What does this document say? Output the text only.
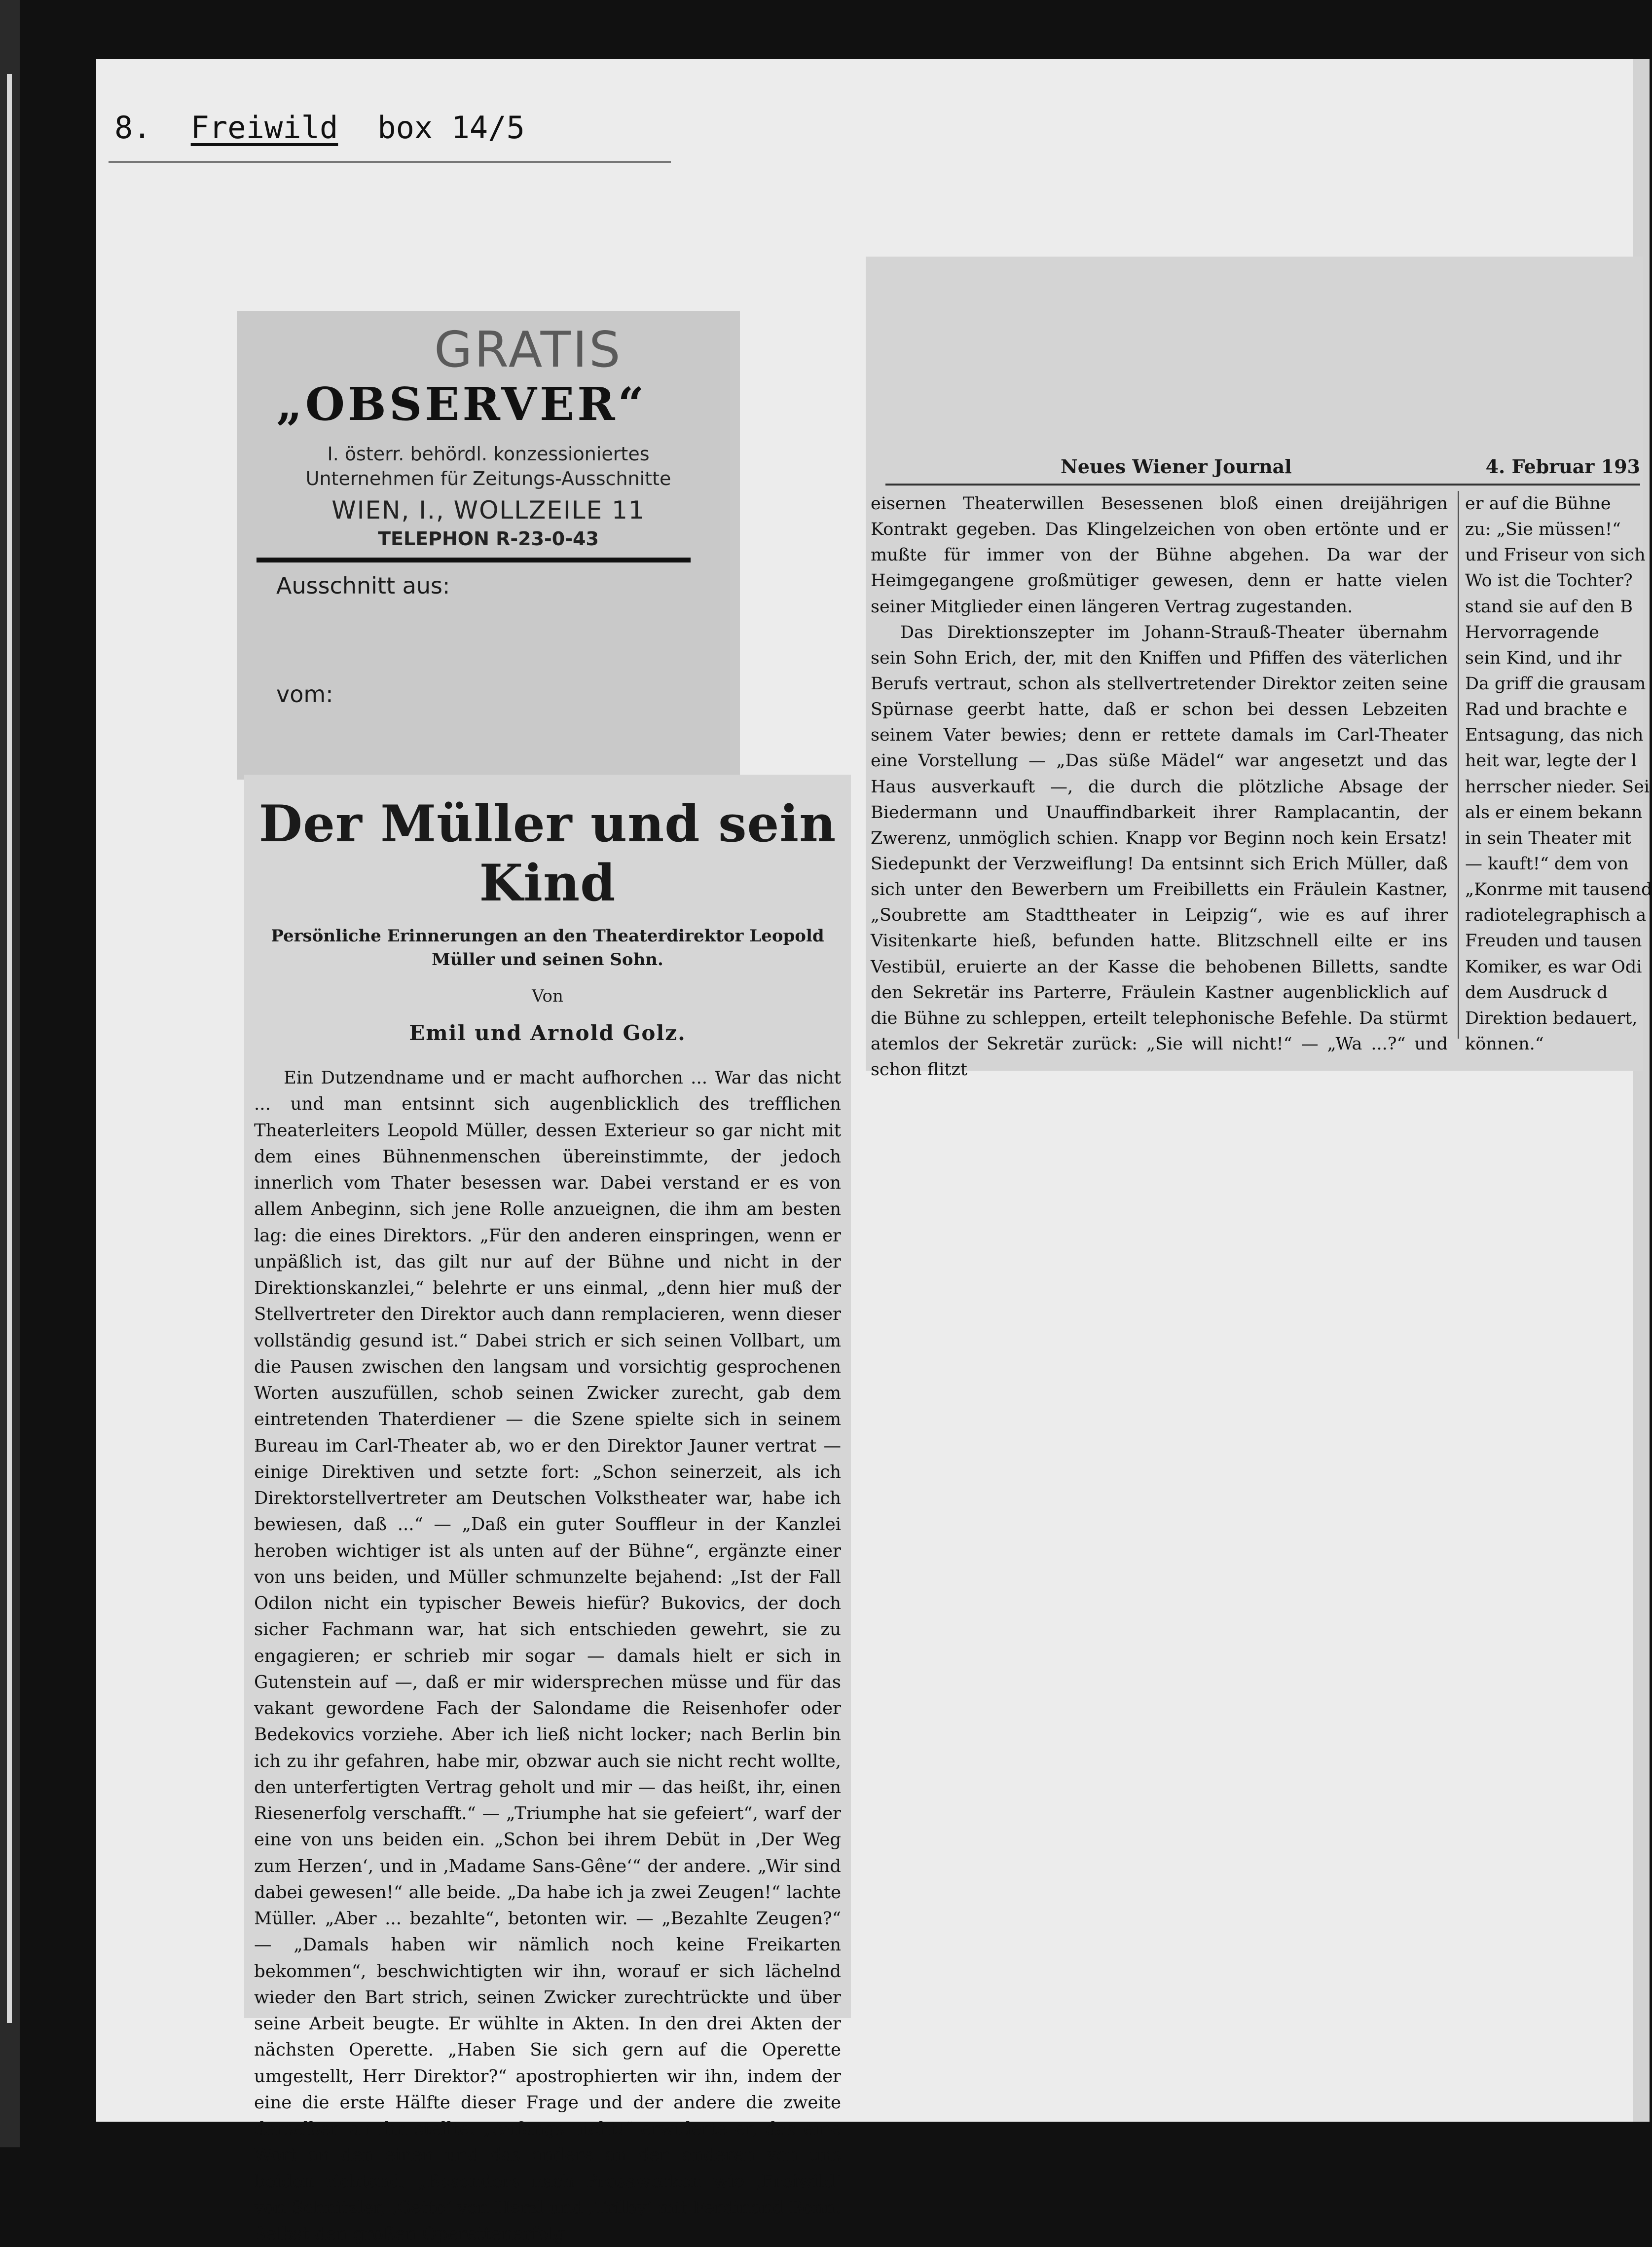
8. Freiwild box 14/5
GRATIS
„OBSERVER“
I. österr. behördl. konzessioniertes
Unternehmen für Zeitungs-Ausschnitte
WIEN, I., WOLLZEILE 11
TELEPHON R-23-0-43
Ausschnitt aus:
vom:
Der Müller und sein Kind
Persönliche Erinnerungen an den Theaterdirektor Leopold Müller und seinen Sohn.
Von
Emil und Arnold Golz.

Ein Dutzendname und er macht aufhorchen ... War das nicht ... und man entsinnt sich augenblicklich des trefflichen Theaterleiters Leopold Müller, dessen Exterieur so gar nicht mit dem eines Bühnenmenschen übereinstimmte, der jedoch innerlich vom Thater besessen war. Dabei verstand er es von allem Anbeginn, sich jene Rolle anzueignen, die ihm am besten lag: die eines Direktors. „Für den anderen einspringen, wenn er unpäßlich ist, das gilt nur auf der Bühne und nicht in der Direktionskanzlei,“ belehrte er uns einmal, „denn hier muß der Stellvertreter den Direktor auch dann remplacieren, wenn dieser vollständig gesund ist.“ Dabei strich er sich seinen Vollbart, um die Pausen zwischen den langsam und vorsichtig gesprochenen Worten auszufüllen, schob seinen Zwicker zurecht, gab dem eintretenden Thaterdiener — die Szene spielte sich in seinem Bureau im Carl-Theater ab, wo er den Direktor Jauner vertrat — einige Direktiven und setzte fort: „Schon seinerzeit, als ich Direktorstellvertreter am Deutschen Volkstheater war, habe ich bewiesen, daß ...“ — „Daß ein guter Souffleur in der Kanzlei heroben wichtiger ist als unten auf der Bühne“, ergänzte einer von uns beiden, und Müller schmunzelte bejahend: „Ist der Fall Odilon nicht ein typischer Beweis hiefür? Bukovics, der doch sicher Fachmann war, hat sich entschieden gewehrt, sie zu engagieren; er schrieb mir sogar — damals hielt er sich in Gutenstein auf —, daß er mir widersprechen müsse und für das vakant gewordene Fach der Salondame die Reisenhofer oder Bedekovics vorziehe. Aber ich ließ nicht locker; nach Berlin bin ich zu ihr gefahren, habe mir, obzwar auch sie nicht recht wollte, den unterfertigten Vertrag geholt und mir — das heißt, ihr, einen Riesenerfolg verschafft.“ — „Triumphe hat sie gefeiert“, warf der eine von uns beiden ein. „Schon bei ihrem Debüt in ‚Der Weg zum Herzen‘, und in ‚Madame Sans-Gêne‘“ der andere. „Wir sind dabei gewesen!“ alle beide. „Da habe ich ja zwei Zeugen!“ lachte Müller. „Aber ... bezahlte“, betonten wir. — „Bezahlte Zeugen?“ — „Damals haben wir nämlich noch keine Freikarten bekommen“, beschwichtigten wir ihn, worauf er sich lächelnd wieder den Bart strich, seinen Zwicker zurechtrückte und über seine Arbeit beugte. Er wühlte in Akten. In den drei Akten der nächsten Operette. „Haben Sie sich gern auf die Operette umgestellt, Herr Direktor?“ apostrophierten wir ihn, indem der eine die erste Hälfte dieser Frage und der andere die zweite derselben an ihn stellte. „Anfangs nicht!“ erwiderte er, das eine Wort an den einen und das andere an den anderen von uns beiden richtend. „Besonders nach Prosawerken wie ‚Freiwild‘ von Schnitzler, ‚Getto‘ von Herzl und ‚Trilby‘ mit Ferdinand Bonn. Selbst den großen Operettenerfolg

Neues Wiener Journal	4. Februar 193

eisernen Theaterwillen Besessenen bloß einen dreijährigen Kontrakt gegeben. Das Klingelzeichen von oben ertönte und er mußte für immer von der Bühne abgehen. Da war der Heimgegangene großmütiger gewesen, denn er hatte vielen seiner Mitglieder einen längeren Vertrag zugestanden.

Das Direktionszepter im Johann-Strauß-Theater übernahm sein Sohn Erich, der, mit den Kniffen und Pfiffen des väterlichen Berufs vertraut, schon als stellvertretender Direktor zeiten seine Spürnase geerbt hatte, daß er schon bei dessen Lebzeiten seinem Vater bewies; denn er rettete damals im Carl-Theater eine Vorstellung — „Das süße Mädel“ war angesetzt und das Haus ausverkauft —, die durch die plötzliche Absage der Biedermann und Unauffindbarkeit ihrer Ramplacantin, der Zwerenz, unmöglich schien. Knapp vor Beginn noch kein Ersatz! Siedepunkt der Verzweiflung! Da entsinnt sich Erich Müller, daß sich unter den Bewerbern um Freibilletts ein Fräulein Kastner, „Soubrette am Stadttheater in Leipzig“, wie es auf ihrer Visitenkarte hieß, befunden hatte. Blitzschnell eilte er ins Vestibül, eruierte an der Kasse die behobenen Billetts, sandte den Sekretär ins Parterre, Fräulein Kastner augenblicklich auf die Bühne zu schleppen, erteilt telephonische Befehle. Da stürmt atemlos der Sekretär zurück: „Sie will nicht!“ — „Wa ...?“ und schon flitzt

er auf die Bühne
zu: „Sie müssen!“
und Friseur von sich
Wo ist die Tochter?
stand sie auf den B
Hervorragende
sein Kind, und ihr
Da griff die grausam
Rad und brachte e
Entsagung, das nich
heit war, legte der l
herrscher nieder. Sei
als er einem bekann
in sein Theater mit
— kauft!“ dem von
„Konrme mit tausend
radiotelegraphisch a
Freuden und tausen
Komiker, es war Odi
dem Ausdruck d
Direktion bedauert,
können.“
